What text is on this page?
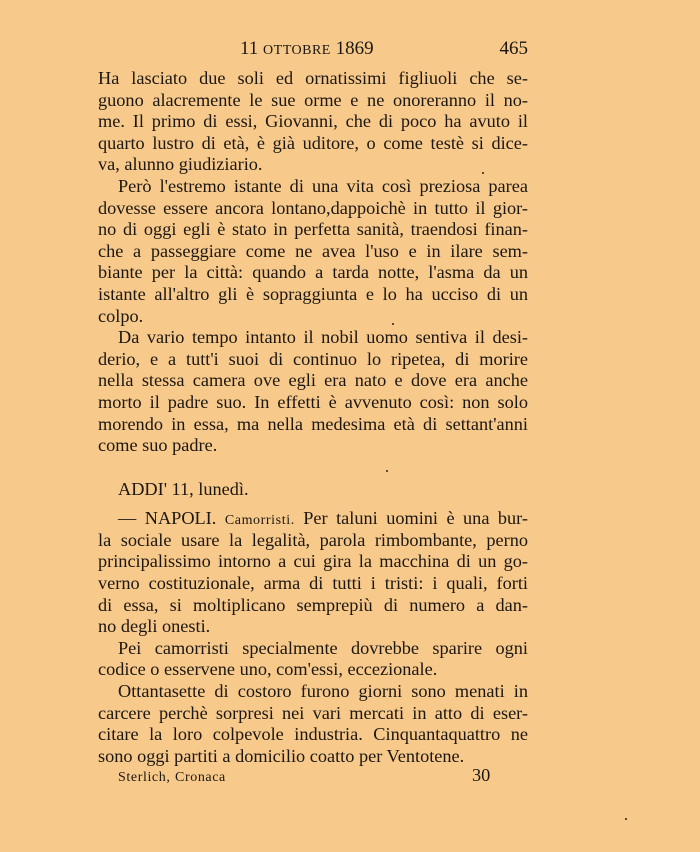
11 OTTOBRE 1869	465
Ha lasciato due soli ed ornatissimi figliuoli che se-
guono alacremente le sue orme e ne onoreranno il no-
me. Il primo di essi, Giovanni, che di poco ha avuto il
quarto lustro di età, è già uditore, o come testè si dice-
va, alunno giudiziario.
Però l'estremo istante di una vita così preziosa parea
dovesse essere ancora lontano,dappoichè in tutto il gior-
no di oggi egli è stato in perfetta sanità, traendosi finan-
che a passeggiare come ne avea l'uso e in ilare sem-
biante per la città: quando a tarda notte, l'asma da un
istante all'altro gli è sopraggiunta e lo ha ucciso di un
colpo.
Da vario tempo intanto il nobil uomo sentiva il desi-
derio, e a tutt'i suoi di continuo lo ripetea, di morire
nella stessa camera ove egli era nato e dove era anche
morto il padre suo. In effetti è avvenuto così: non solo
morendo in essa, ma nella medesima età di settant'anni
come suo padre.
ADDI' 11, lunedì.
— NAPOLI. Camorristi. Per taluni uomini è una bur-
la sociale usare la legalità, parola rimbombante, perno
principalissimo intorno a cui gira la macchina di un go-
verno costituzionale, arma di tutti i tristi: i quali, forti
di essa, si moltiplicano semprepiù di numero a dan-
no degli onesti.
Pei camorristi specialmente dovrebbe sparire ogni
codice o esservene uno, com'essi, eccezionale.
Ottantasette di costoro furono giorni sono menati in
carcere perchè sorpresi nei vari mercati in atto di eser-
citare la loro colpevole industria. Cinquantaquattro ne
sono oggi partiti a domicilio coatto per Ventotene.
Sterlich, Cronaca	30
